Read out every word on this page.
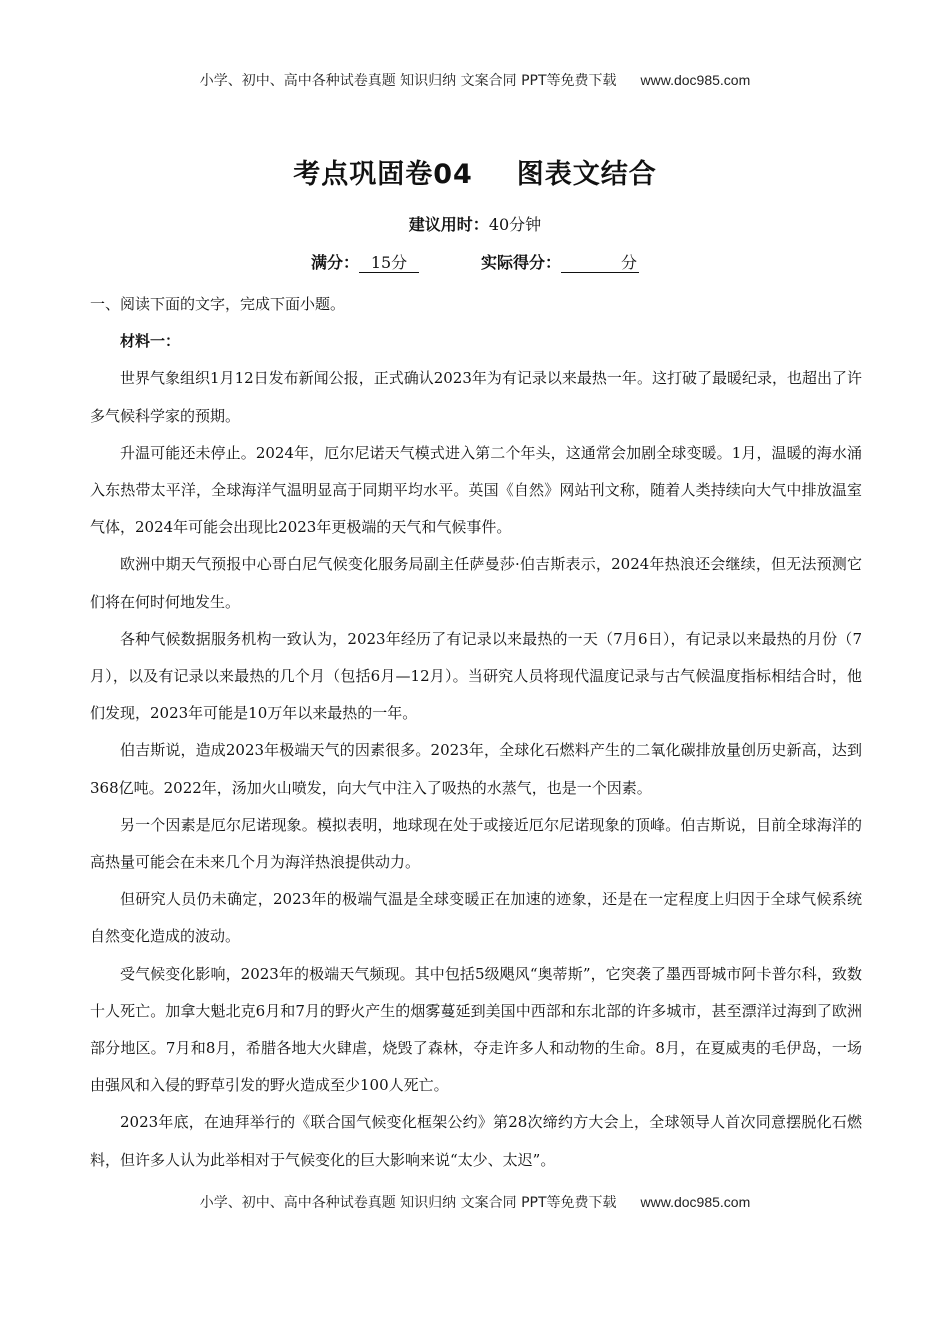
小学、初中、高中各种试卷真题 知识归纳 文案合同 PPT等免费下载 www.doc985.com
考点巩固卷04 图表文结合
建议用时：40分钟
满分： 15分	实际得分：	分

一、阅读下面的文字，完成下面小题。

材料一：

世界气象组织1月12日发布新闻公报，正式确认2023年为有记录以来最热一年。这打破了最暖纪录，也超出了许多气候科学家的预期。

升温可能还未停止。2024年，厄尔尼诺天气模式进入第二个年头，这通常会加剧全球变暖。1月，温暖的海水涌入东热带太平洋，全球海洋气温明显高于同期平均水平。英国《自然》网站刊文称，随着人类持续向大气中排放温室气体，2024年可能会出现比2023年更极端的天气和气候事件。

欧洲中期天气预报中心哥白尼气候变化服务局副主任萨曼莎·伯吉斯表示，2024年热浪还会继续，但无法预测它们将在何时何地发生。

各种气候数据服务机构一致认为，2023年经历了有记录以来最热的一天（7月6日），有记录以来最热的月份（7月），以及有记录以来最热的几个月（包括6月—12月）。当研究人员将现代温度记录与古气候温度指标相结合时，他们发现，2023年可能是10万年以来最热的一年。

伯吉斯说，造成2023年极端天气的因素很多。2023年，全球化石燃料产生的二氧化碳排放量创历史新高，达到368亿吨。2022年，汤加火山喷发，向大气中注入了吸热的水蒸气，也是一个因素。

另一个因素是厄尔尼诺现象。模拟表明，地球现在处于或接近厄尔尼诺现象的顶峰。伯吉斯说，目前全球海洋的高热量可能会在未来几个月为海洋热浪提供动力。

但研究人员仍未确定，2023年的极端气温是全球变暖正在加速的迹象，还是在一定程度上归因于全球气候系统自然变化造成的波动。

受气候变化影响，2023年的极端天气频现。其中包括5级飓风“奥蒂斯”，它突袭了墨西哥城市阿卡普尔科，致数十人死亡。加拿大魁北克6月和7月的野火产生的烟雾蔓延到美国中西部和东北部的许多城市，甚至漂洋过海到了欧洲部分地区。7月和8月，希腊各地大火肆虐，烧毁了森林，夺走许多人和动物的生命。8月，在夏威夷的毛伊岛，一场由强风和入侵的野草引发的野火造成至少100人死亡。

2023年底，在迪拜举行的《联合国气候变化框架公约》第28次缔约方大会上，全球领导人首次同意摆脱化石燃料，但许多人认为此举相对于气候变化的巨大影响来说“太少、太迟”。

小学、初中、高中各种试卷真题 知识归纳 文案合同 PPT等免费下载 www.doc985.com
